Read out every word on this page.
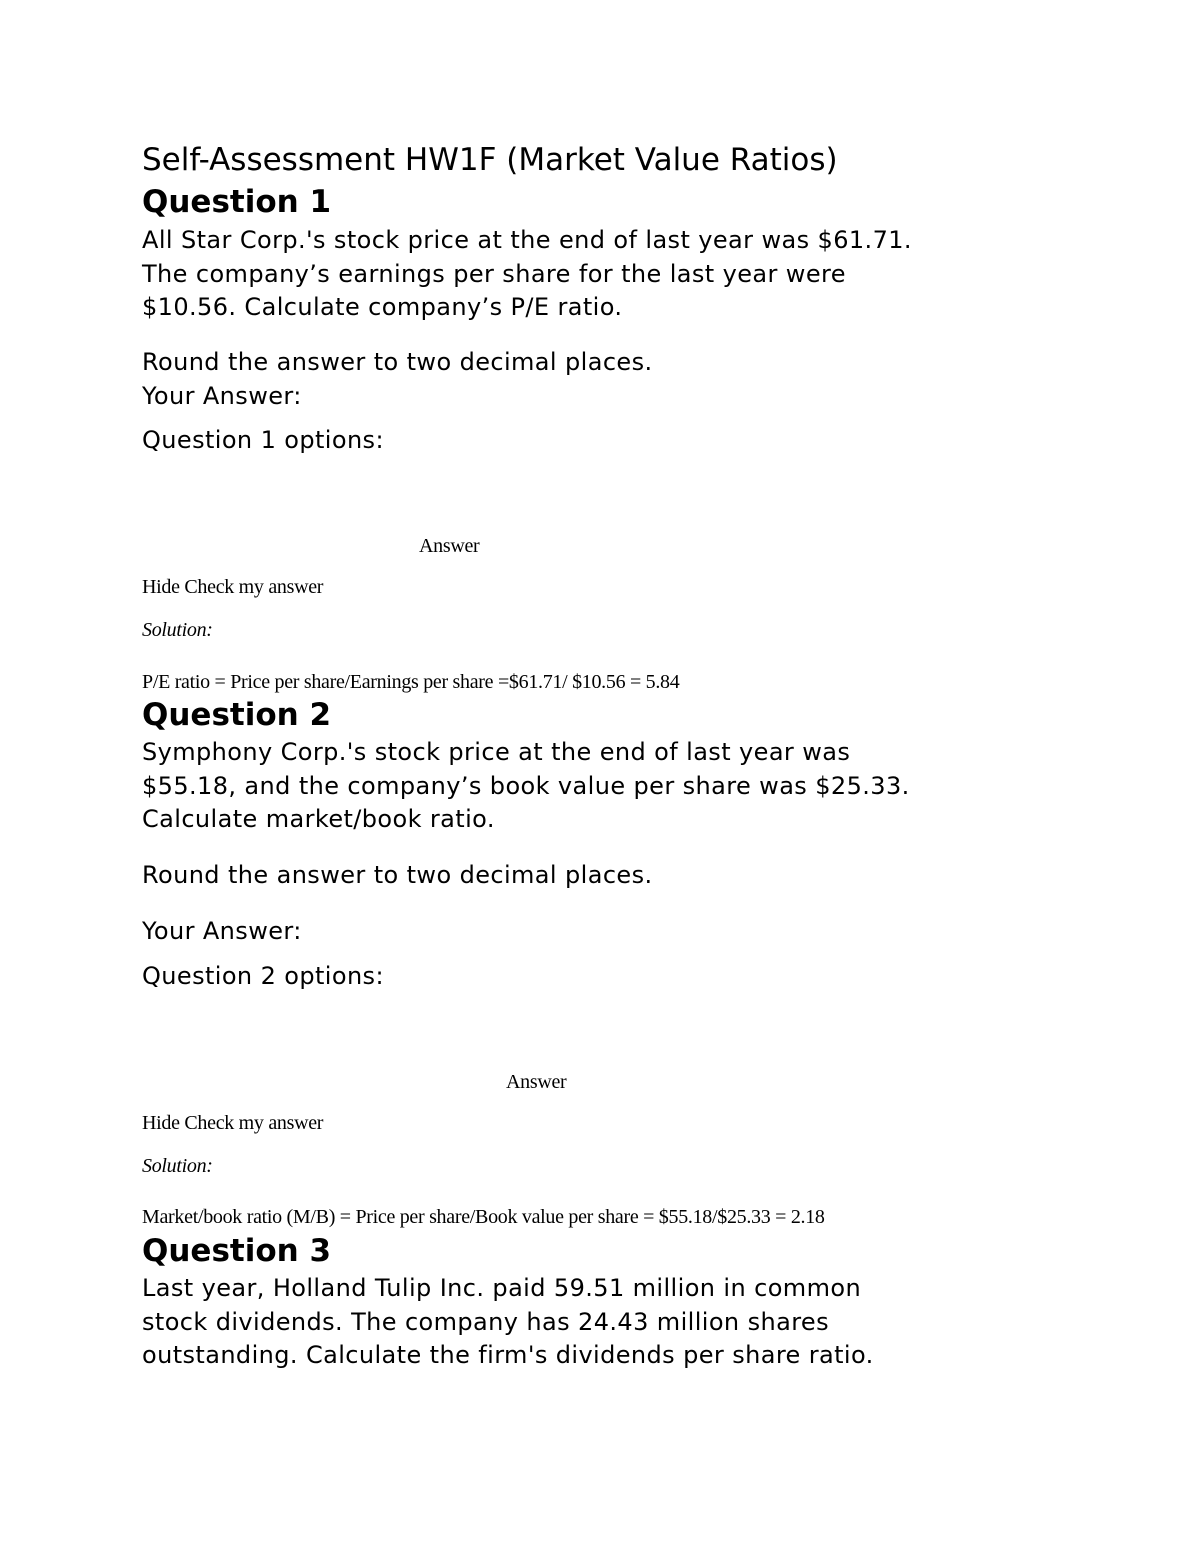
Self-Assessment HW1F (Market Value Ratios)
Question 1
All Star Corp.'s stock price at the end of last year was $61.71.
The company’s earnings per share for the last year were
$10.56. Calculate company’s P/E ratio.
Round the answer to two decimal places.
Your Answer:
Question 1 options:
Answer
Hide Check my answer
Solution:
P/E ratio = Price per share/Earnings per share =$61.71/ $10.56 = 5.84
Question 2
Symphony Corp.'s stock price at the end of last year was
$55.18, and the company’s book value per share was $25.33.
Calculate market/book ratio.
Round the answer to two decimal places.
Your Answer:
Question 2 options:
Answer
Hide Check my answer
Solution:
Market/book ratio (M/B) = Price per share/Book value per share = $55.18/$25.33 = 2.18
Question 3
Last year, Holland Tulip Inc. paid 59.51 million in common
stock dividends. The company has 24.43 million shares
outstanding. Calculate the firm's dividends per share ratio.
